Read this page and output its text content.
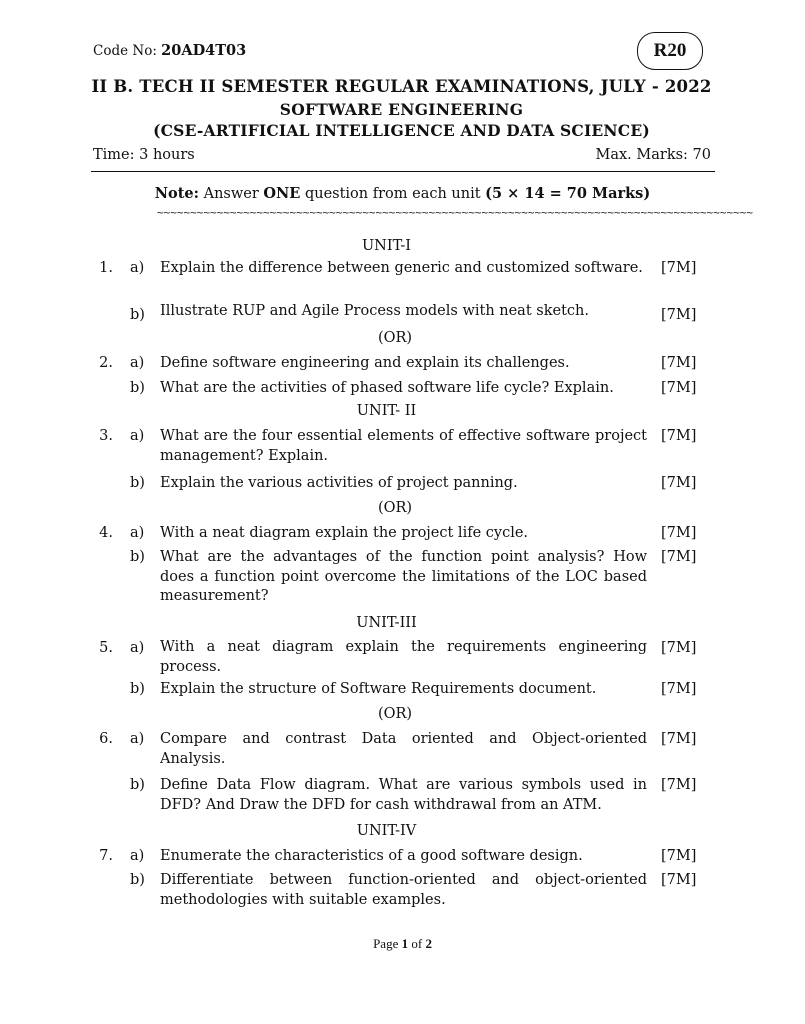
Code No: 20AD4T03	R20
II B. TECH II SEMESTER REGULAR EXAMINATIONS, JULY - 2022
SOFTWARE ENGINEERING
(CSE-ARTIFICIAL INTELLIGENCE AND DATA SCIENCE)
Time: 3 hours	Max. Marks: 70
Note: Answer ONE question from each unit (5 × 14 = 70 Marks)
~~~~~~~~~~~~~~~~~~~~~~~~~~~~~~~~~~~~~~~~~~~~~~~~~~~~~~~~~~~~~~~~~~~~~~~~~~~~~~~~~~~~~~~~~~
UNIT-I
1. a) Explain the difference between generic and customized software. [7M]
b) Illustrate RUP and Agile Process models with neat sketch.	[7M]
(OR)
2. a) Define software engineering and explain its challenges.	[7M]
b) What are the activities of phased software life cycle? Explain.	[7M]
UNIT- II
3. a) What are the four essential elements of effective software project management? Explain.
[7M]
b) Explain the various activities of project panning.	[7M]
(OR)
4. a) With a neat diagram explain the project life cycle.	[7M]
b) What are the advantages of the function point analysis? How does a function point overcome the limitations of the LOC based measurement?
[7M]
UNIT-III
5. a) With a neat diagram explain the requirements engineering process.
[7M]
b) Explain the structure of Software Requirements document.	[7M]
(OR)
6. a) Compare and contrast Data oriented and Object-oriented Analysis.
[7M]
b) Define Data Flow diagram. What are various symbols used in DFD? And Draw the DFD for cash withdrawal from an ATM.
[7M]
UNIT-IV
7. a) Enumerate the characteristics of a good software design.	[7M]
b) Differentiate between function-oriented and object-oriented methodologies with suitable examples.
[7M]
Page 1 of 2
